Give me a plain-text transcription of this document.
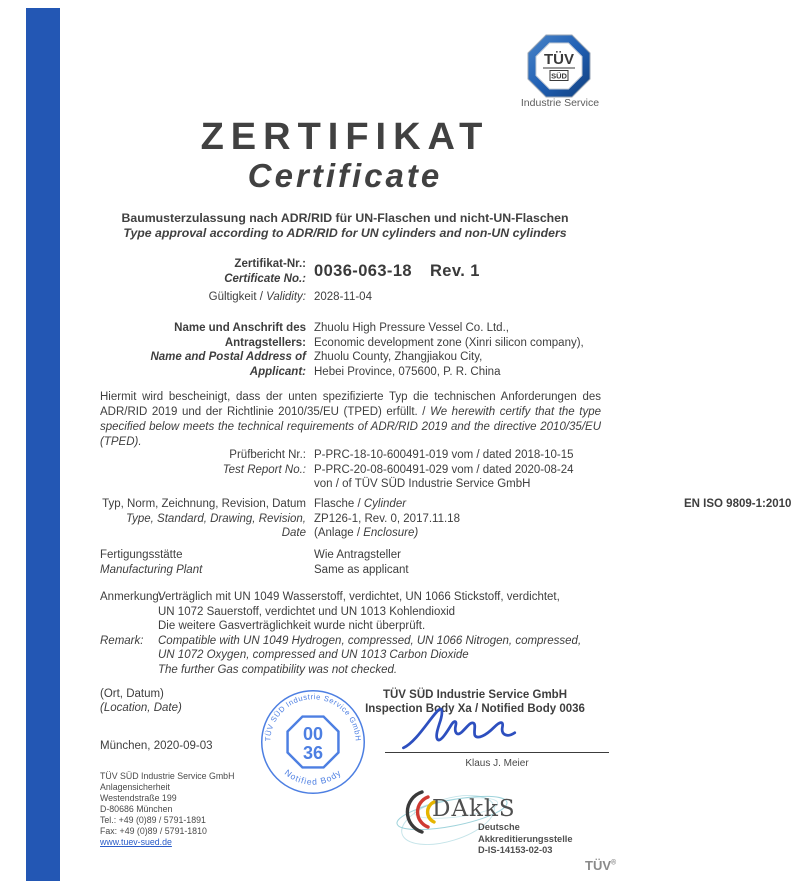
ZERTIFIKAT ◆ CERTIFICATE ◆ 認証証書 ◆ СЕРТИФИКАТ ◆ CERTIFICADO ◆ CERTIFICAT
TÜV
SÜD
Industrie Service
ZERTIFIKAT
Certificate
Baumusterzulassung nach ADR/RID für UN-Flaschen und nicht-UN-Flaschen
Type approval according to ADR/RID for UN cylinders and non-UN cylinders
Zertifikat-Nr.:
Certificate No.: 0036-063-18 Rev. 1
Gültigkeit / Validity: 2028-11-04
Name und Anschrift des Antragstellers:
Name and Postal Address of Applicant:
Zhuolu High Pressure Vessel Co. Ltd.,
Economic development zone (Xinri silicon company),
Zhuolu County, Zhangjiakou City,
Hebei Province, 075600, P. R. China
Hiermit wird bescheinigt, dass der unten spezifizierte Typ die technischen Anforderungen des ADR/RID 2019 und der Richtlinie 2010/35/EU (TPED) erfüllt. / We herewith certify that the type specified below meets the technical requirements of ADR/RID 2019 and the directive 2010/35/EU (TPED).
Prüfbericht Nr.:
Test Report No.:
P-PRC-18-10-600491-019 vom / dated 2018-10-15
P-PRC-20-08-600491-029 vom / dated 2020-08-24
von / of TÜV SÜD Industrie Service GmbH
Typ, Norm, Zeichnung, Revision, Datum
Type, Standard, Drawing, Revision, Date
Flasche / Cylinder
ZP126-1, Rev. 0, 2017.11.18
(Anlage / Enclosure)
EN ISO 9809-1:2010
Fertigungsstätte
Manufacturing Plant
Wie Antragsteller
Same as applicant
Anmerkung:
Verträglich mit UN 1049 Wasserstoff, verdichtet, UN 1066 Stickstoff, verdichtet,
UN 1072 Sauerstoff, verdichtet und UN 1013 Kohlendioxid
Die weitere Gasverträglichkeit wurde nicht überprüft.
Remark:	Compatible with UN 1049 Hydrogen, compressed, UN 1066 Nitrogen, compressed,
UN 1072 Oxygen, compressed and UN 1013 Carbon Dioxide
The further Gas compatibility was not checked.
(Ort, Datum)
(Location, Date)
München, 2020-09-03
TÜV SÜD Industrie Service GmbH
Notified Body
00
36
TÜV SÜD Industrie Service GmbH
Inspection Body Xa / Notified Body 0036
Klaus J. Meier
TÜV SÜD Industrie Service GmbH
Anlagensicherheit
Westendstraße 199
D-80686 München
Tel.: +49 (0)89 / 5791-1891
Fax: +49 (0)89 / 5791-1810
www.tuev-sued.de
DAkkS
Deutsche
Akkreditierungsstelle
D-IS-14153-02-03
TÜV®
